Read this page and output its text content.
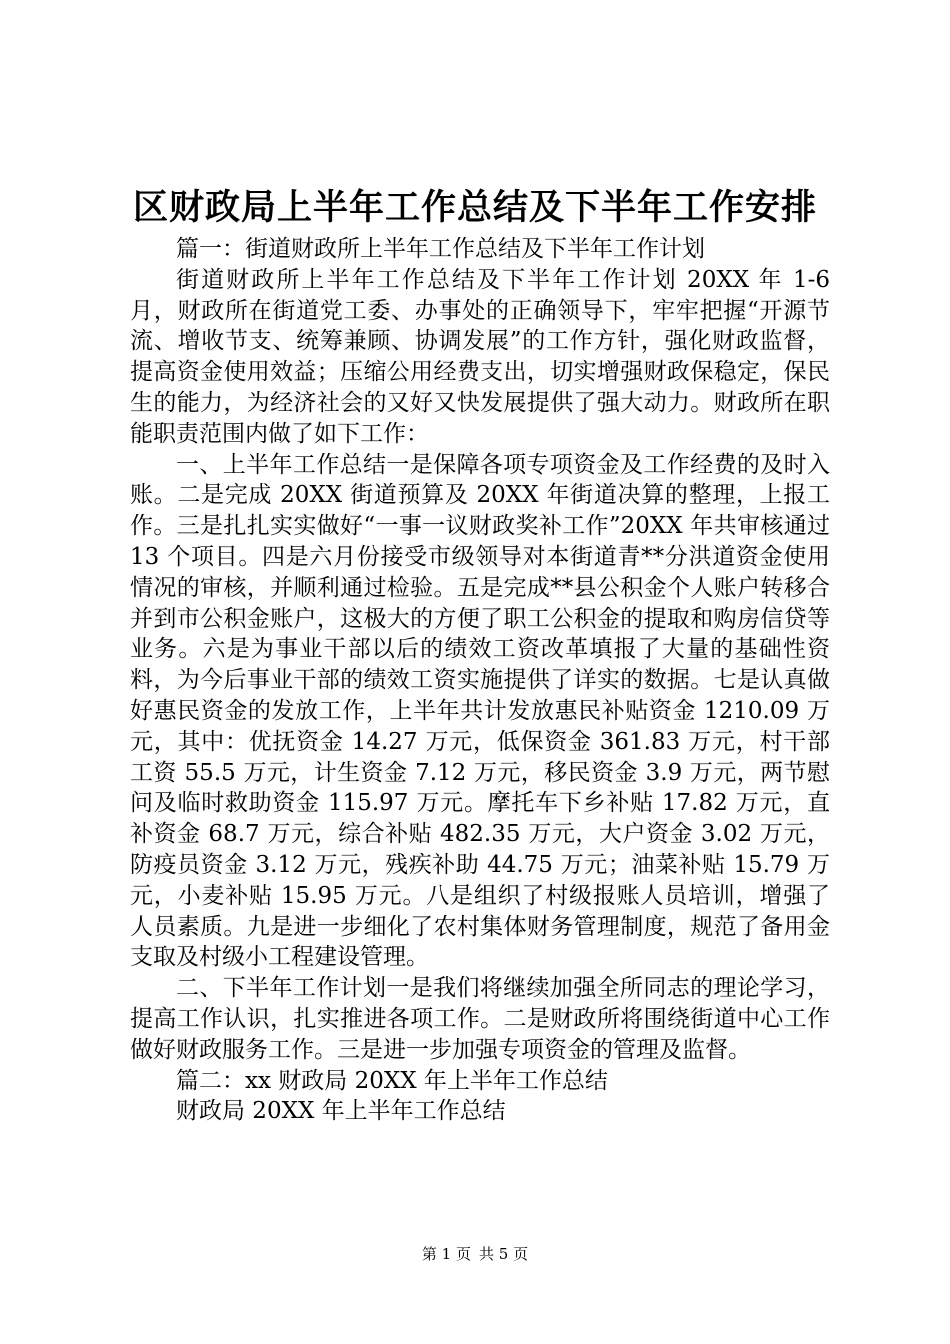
区财政局上半年工作总结及下半年工作安排

篇一：街道财政所上半年工作总结及下半年工作计划

街道财政所上半年工作总结及下半年工作计划 20XX 年 1-6 月，财政所在街道党工委、办事处的正确领导下，牢牢把握“开源节流、增收节支、统筹兼顾、协调发展”的工作方针，强化财政监督，提高资金使用效益；压缩公用经费支出，切实增强财政保稳定，保民生的能力，为经济社会的又好又快发展提供了强大动力。财政所在职能职责范围内做了如下工作：

一、上半年工作总结一是保障各项专项资金及工作经费的及时入账。二是完成 20XX 街道预算及 20XX 年街道决算的整理，上报工作。三是扎扎实实做好“一事一议财政奖补工作”20XX 年共审核通过 13 个项目。四是六月份接受市级领导对本街道青**分洪道资金使用情况的审核，并顺利通过检验。五是完成**县公积金个人账户转移合并到市公积金账户，这极大的方便了职工公积金的提取和购房信贷等业务。六是为事业干部以后的绩效工资改革填报了大量的基础性资料，为今后事业干部的绩效工资实施提供了详实的数据。七是认真做好惠民资金的发放工作，上半年共计发放惠民补贴资金 1210.09 万元，其中：优抚资金 14.27 万元，低保资金 361.83 万元，村干部工资 55.5 万元，计生资金 7.12 万元，移民资金 3.9 万元，两节慰问及临时救助资金 115.97 万元。摩托车下乡补贴 17.82 万元，直补资金 68.7 万元，综合补贴 482.35 万元，大户资金 3.02 万元，防疫员资金 3.12 万元，残疾补助 44.75 万元；油菜补贴 15.79 万元，小麦补贴 15.95 万元。八是组织了村级报账人员培训，增强了人员素质。九是进一步细化了农村集体财务管理制度，规范了备用金支取及村级小工程建设管理。

二、下半年工作计划一是我们将继续加强全所同志的理论学习，提高工作认识，扎实推进各项工作。二是财政所将围绕街道中心工作做好财政服务工作。三是进一步加强专项资金的管理及监督。

篇二：xx 财政局 20XX 年上半年工作总结

财政局 20XX 年上半年工作总结

第 1 页 共 5 页
